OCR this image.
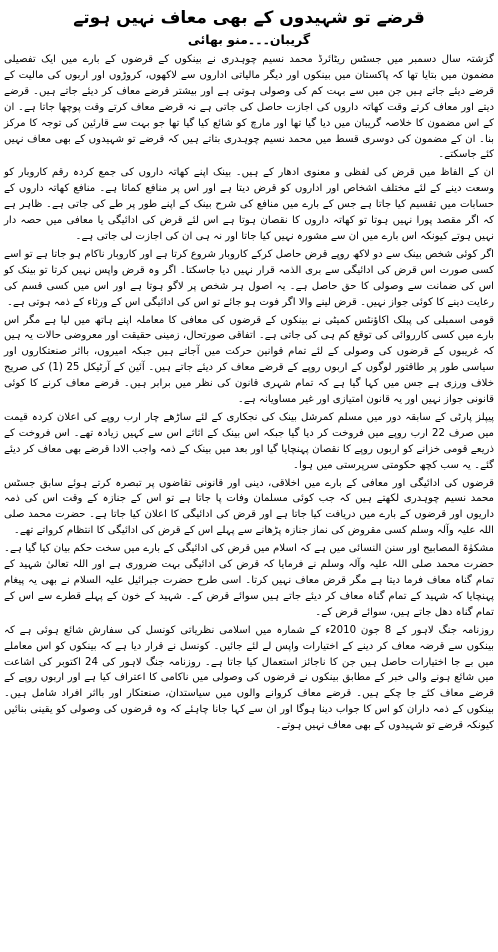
قرضے تو شہیدوں کے بھی معاف نہیں ہوتے
گریبان۔۔۔منو بھائی

گزشتہ سال دسمبر میں جسٹس ریٹائرڈ محمد نسیم چوہدری نے بینکوں کے قرضوں کے بارے میں ایک تفصیلی مضمون میں بتایا تھا کہ پاکستان میں بینکوں اور دیگر مالیاتی اداروں سے لاکھوں، کروڑوں اور اربوں کی مالیت کے قرضے دیئے جاتے ہیں جن میں سے بہت کم کی وصولی ہوتی ہے اور بیشتر قرضے معاف کر دیئے جاتے ہیں۔ قرضے دیتے اور معاف کرتے وقت کھاتہ داروں کی اجازت حاصل کی جاتی ہے نہ قرضے معاف کرتے وقت پوچھا جاتا ہے۔ ان کے اس مضمون کا خلاصہ گریبان میں دیا گیا تھا اور مارچ کو شائع کیا گیا تھا جو بہت سے قارئین کی توجہ کا مرکز بنا۔ ان کے مضمون کی دوسری قسط میں محمد نسیم چوہدری بتاتے ہیں کہ قرضے تو شہیدوں کے بھی معاف نہیں کئے جاسکتے۔

ان کے الفاظ میں قرض کی لفظی و معنوی ادھار کے ہیں۔ بینک اپنے کھاتہ داروں کی جمع کردہ رقم کاروبار کو وسعت دینے کے لئے مختلف اشخاص اور اداروں کو قرض دیتا ہے اور اس پر منافع کماتا ہے۔ منافع کھاتہ داروں کے حسابات میں تقسیم کیا جاتا ہے جس کے بارے میں منافع کی شرح بینک کے اپنے طور پر طے کی جاتی ہے۔ ظاہر ہے کہ اگر مقصد پورا نہیں ہوتا تو کھاتہ داروں کا نقصان ہوتا ہے اس لئے قرض کی ادائیگی یا معافی میں حصہ دار نہیں ہوتے کیونکہ اس بارے میں ان سے مشورہ نہیں کیا جاتا اور نہ ہی ان کی اجازت لی جاتی ہے۔

اگر کوئی شخص بینک سے دو لاکھ روپے قرض حاصل کرکے کاروبار شروع کرتا ہے اور کاروبار ناکام ہو جاتا ہے تو اسے کسی صورت اس قرض کی ادائیگی سے بری الذمہ قرار نہیں دیا جاسکتا۔ اگر وہ قرض واپس نہیں کرتا تو بینک کو اس کی ضمانت سے وصولی کا حق حاصل ہے۔ یہ اصول ہر شخص پر لاگو ہوتا ہے اور اس میں کسی قسم کی رعایت دینے کا کوئی جواز نہیں۔ قرض لینے والا اگر فوت ہو جائے تو اس کی ادائیگی اس کے ورثاء کے ذمہ ہوتی ہے۔

قومی اسمبلی کی پبلک اکاؤنٹس کمیٹی نے بینکوں کے قرضوں کی معافی کا معاملہ اپنے ہاتھ میں لیا ہے مگر اس بارے میں کسی کارروائی کی توقع کم ہی کی جاتی ہے۔ اتفاقی صورتحال، زمینی حقیقت اور معروضی حالات یہ ہیں کہ غریبوں کے قرضوں کی وصولی کے لئے تمام قوانین حرکت میں آجاتے ہیں جبکہ امیروں، بااثر صنعتکاروں اور سیاسی طور پر طاقتور لوگوں کے اربوں روپے کے قرضے معاف کر دیئے جاتے ہیں۔ آئین کے آرٹیکل 25 (1) کی صریح خلاف ورزی ہے جس میں کہا گیا ہے کہ تمام شہری قانون کی نظر میں برابر ہیں۔ قرضے معاف کرنے کا کوئی قانونی جواز نہیں اور یہ قانون امتیازی اور غیر مساویانہ ہے۔

پیپلز پارٹی کے سابقہ دور میں مسلم کمرشل بینک کی نجکاری کے لئے ساڑھے چار ارب روپے کی اعلان کردہ قیمت میں صرف 22 ارب روپے میں فروخت کر دیا گیا جبکہ اس بینک کے اثاثے اس سے کہیں زیادہ تھے۔ اس فروخت کے ذریعے قومی خزانے کو اربوں روپے کا نقصان پہنچایا گیا اور بعد میں بینک کے ذمہ واجب الادا قرضے بھی معاف کر دیئے گئے۔ یہ سب کچھ حکومتی سرپرستی میں ہوا۔

قرضوں کی ادائیگی اور معافی کے بارے میں اخلاقی، دینی اور قانونی تقاضوں پر تبصرہ کرتے ہوئے سابق جسٹس محمد نسیم چوہدری لکھتے ہیں کہ جب کوئی مسلمان وفات پا جاتا ہے تو اس کے جنازہ کے وقت اس کی ذمہ داریوں اور قرضوں کے بارے میں دریافت کیا جاتا ہے اور قرض کی ادائیگی کا اعلان کیا جاتا ہے۔ حضرت محمد صلی اللہ علیہ وآلہ وسلم کسی مقروض کی نماز جنازہ پڑھانے سے پہلے اس کے قرض کی ادائیگی کا انتظام کرواتے تھے۔

مشکوٰۃ المصابیح اور سنن النسائی میں ہے کہ اسلام میں قرض کی ادائیگی کے بارے میں سخت حکم بیان کیا گیا ہے۔ حضرت محمد صلی اللہ علیہ وآلہ وسلم نے فرمایا کہ قرض کی ادائیگی بہت ضروری ہے اور اللہ تعالیٰ شہید کے تمام گناہ معاف فرما دیتا ہے مگر قرض معاف نہیں کرتا۔ اسی طرح حضرت جبرائیل علیہ السلام نے بھی یہ پیغام پہنچایا کہ شہید کے تمام گناہ معاف کر دیئے جاتے ہیں سوائے قرض کے۔ شہید کے خون کے پہلے قطرے سے اس کے تمام گناہ دھل جاتے ہیں، سوائے قرض کے۔

روزنامہ جنگ لاہور کے 8 جون 2010ء کے شمارہ میں اسلامی نظریاتی کونسل کی سفارش شائع ہوئی ہے کہ بینکوں سے قرضہ معاف کر دینے کے اختیارات واپس لے لئے جائیں۔ کونسل نے قرار دیا ہے کہ بینکوں کو اس معاملے میں بے جا اختیارات حاصل ہیں جن کا ناجائز استعمال کیا جاتا ہے۔ روزنامہ جنگ لاہور کی 24 اکتوبر کی اشاعت میں شائع ہونے والی خبر کے مطابق بینکوں نے قرضوں کی وصولی میں ناکامی کا اعتراف کیا ہے اور اربوں روپے کے قرضے معاف کئے جا چکے ہیں۔ قرضے معاف کروانے والوں میں سیاستدان، صنعتکار اور بااثر افراد شامل ہیں۔ بینکوں کے ذمہ داران کو اس کا جواب دینا ہوگا اور ان سے کہا جانا چاہئے کہ وہ قرضوں کی وصولی کو یقینی بنائیں کیونکہ قرضے تو شہیدوں کے بھی معاف نہیں ہوتے۔
